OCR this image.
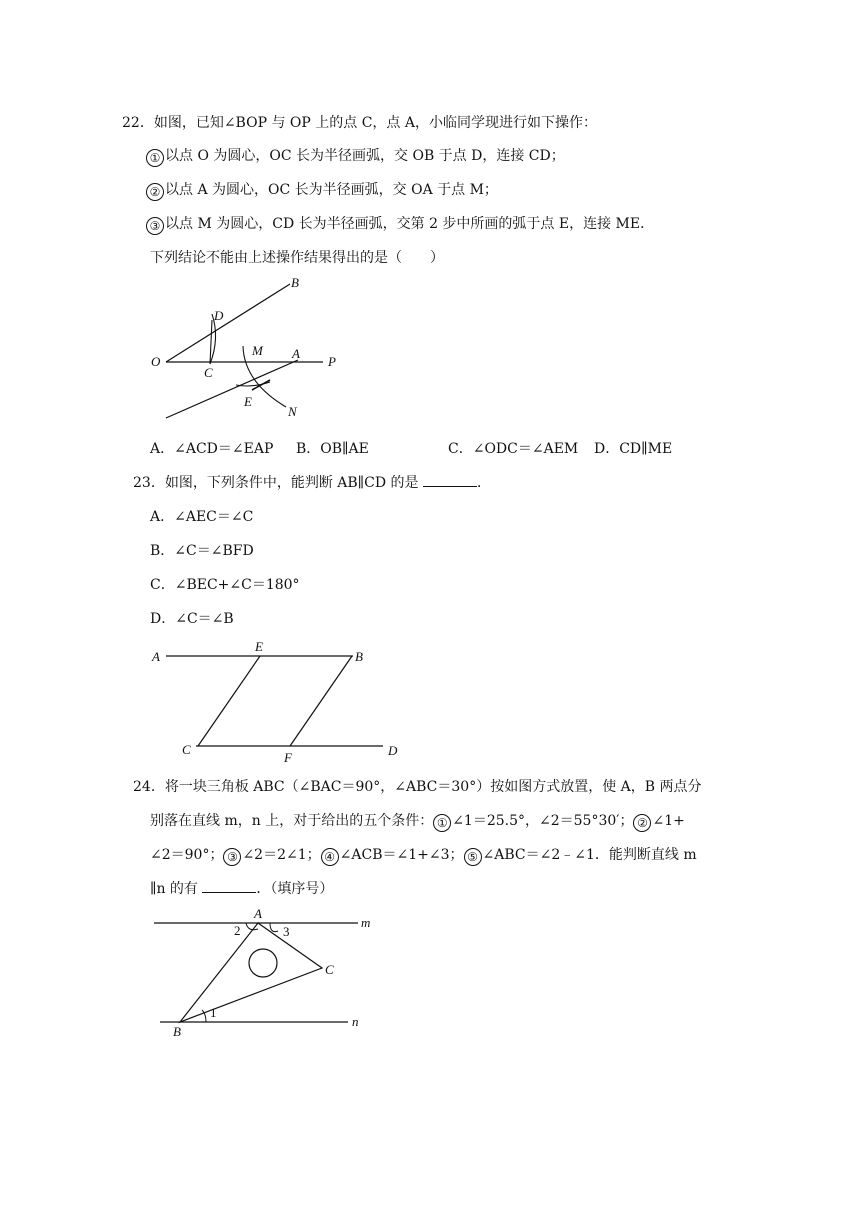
22．如图，已知∠BOP 与 OP 上的点 C，点 A，小临同学现进行如下操作：
① 以点 O 为圆心，OC 长为半径画弧，交 OB 于点 D，连接 CD；
② 以点 A 为圆心，OC 长为半径画弧，交 OA 于点 M；
③ 以点 M 为圆心，CD 长为半径画弧，交第 2 步中所画的弧于点 E，连接 ME．
下列结论不能由上述操作结果得出的是（　　）
B
D
O
C
M A
P
E
N
A．∠ACD＝∠EAP B．OB∥AE	C．∠ODC＝∠AEM D．CD∥ME
23．如图，下列条件中，能判断 AB∥CD 的是	．
A．∠AEC＝∠C
B．∠C＝∠BFD
C．∠BEC+∠C＝180°
D．∠C＝∠B
A
E
B
C
F	D
24．将一块三角板 ABC（∠BAC＝90°，∠ABC＝30°）按如图方式放置，使 A，B 两点分
别落在直线 m，n 上，对于给出的五个条件： ① ∠1＝25.5°，∠2＝55°30′； ② ∠1+
∠2＝90°； ③ ∠2＝2∠1； ④ ∠ACB＝∠1+∠3； ⑤ ∠ABC＝∠2﹣∠1．能判断直线 m
∥n 的有	．（填序号）
A
m
n
B
C
1
2	3
